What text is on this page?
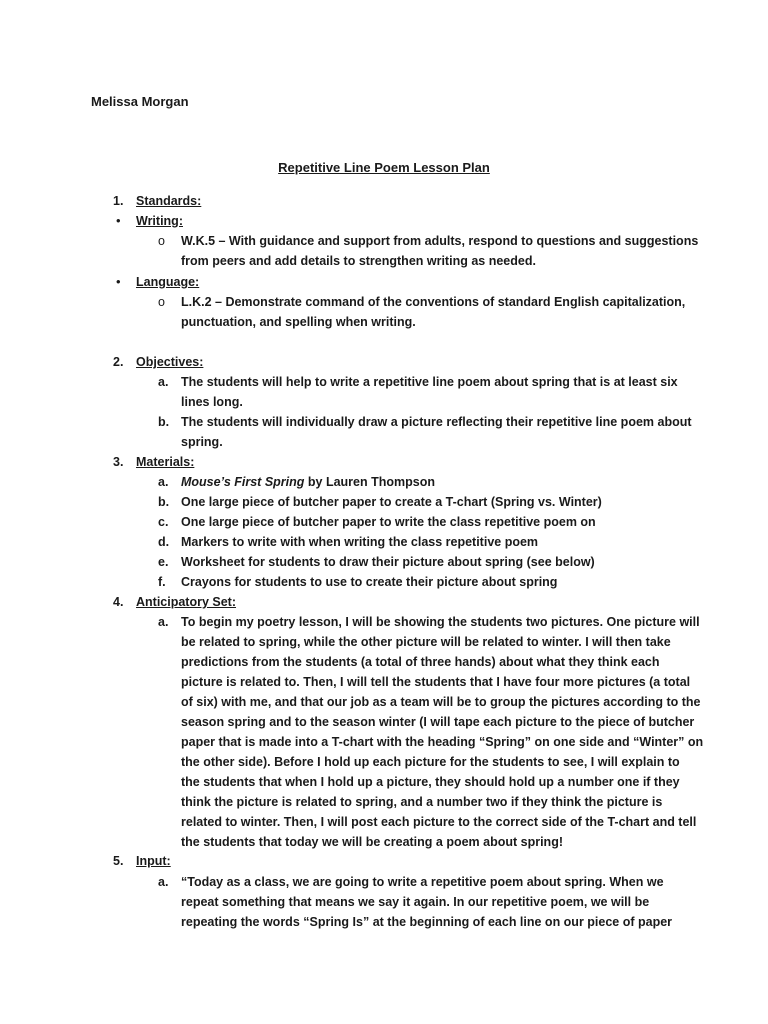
Melissa Morgan
Repetitive Line Poem Lesson Plan
1. Standards:
• Writing:
o W.K.5 – With guidance and support from adults, respond to questions and suggestions
from peers and add details to strengthen writing as needed.
• Language:
o L.K.2 – Demonstrate command of the conventions of standard English capitalization,
punctuation, and spelling when writing.
2. Objectives:
a. The students will help to write a repetitive line poem about spring that is at least six
lines long.
b. The students will individually draw a picture reflecting their repetitive line poem about
spring.
3. Materials:
a. Mouse’s First Spring by Lauren Thompson
b. One large piece of butcher paper to create a T-chart (Spring vs. Winter)
c. One large piece of butcher paper to write the class repetitive poem on
d. Markers to write with when writing the class repetitive poem
e. Worksheet for students to draw their picture about spring (see below)
f. Crayons for students to use to create their picture about spring
4. Anticipatory Set:
a. To begin my poetry lesson, I will be showing the students two pictures. One picture will
be related to spring, while the other picture will be related to winter. I will then take
predictions from the students (a total of three hands) about what they think each
picture is related to. Then, I will tell the students that I have four more pictures (a total
of six) with me, and that our job as a team will be to group the pictures according to the
season spring and to the season winter (I will tape each picture to the piece of butcher
paper that is made into a T-chart with the heading “Spring” on one side and “Winter” on
the other side). Before I hold up each picture for the students to see, I will explain to
the students that when I hold up a picture, they should hold up a number one if they
think the picture is related to spring, and a number two if they think the picture is
related to winter. Then, I will post each picture to the correct side of the T-chart and tell
the students that today we will be creating a poem about spring!
5. Input:
a. “Today as a class, we are going to write a repetitive poem about spring. When we
repeat something that means we say it again. In our repetitive poem, we will be
repeating the words “Spring Is” at the beginning of each line on our piece of paper
